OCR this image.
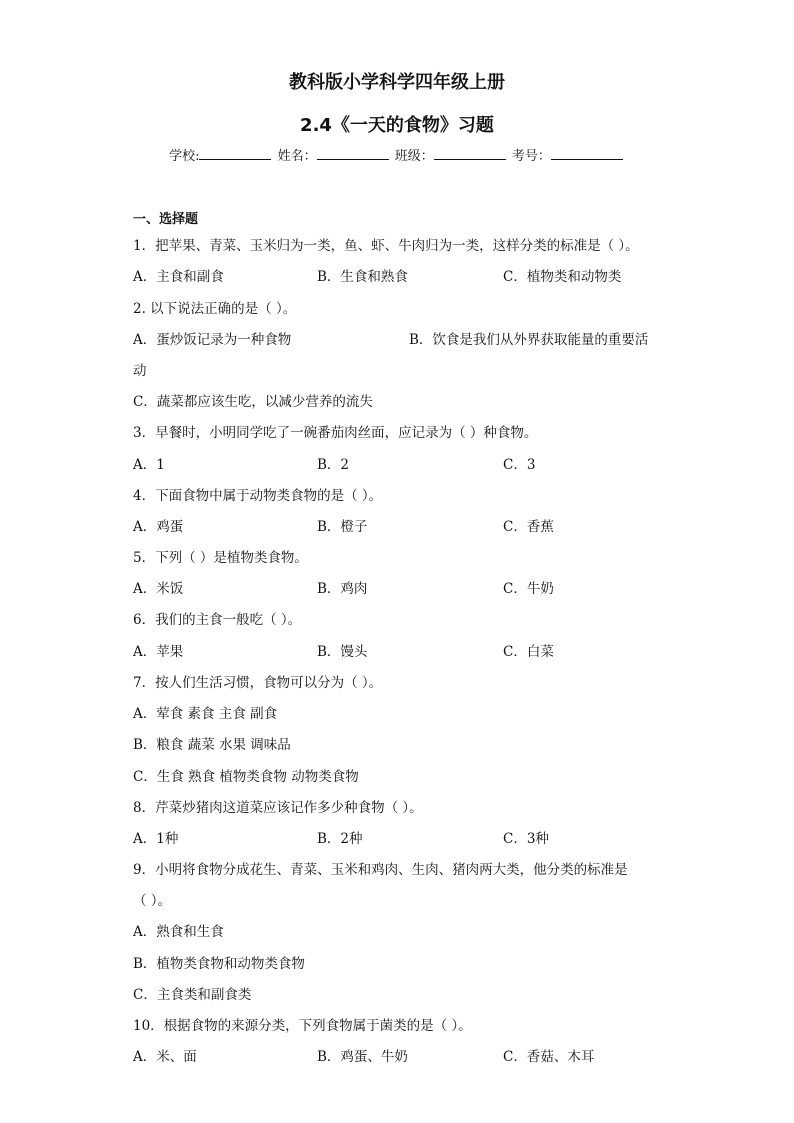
教科版小学科学四年级上册
2.4《一天的食物》习题
学校:	姓名：	班级：	考号：
一、选择题
1．把苹果、青菜、玉米归为一类，鱼、虾、牛肉归为一类，这样分类的标准是（ ）。
A．主食和副食	B．生食和熟食	C．植物类和动物类
2. 以下说法正确的是（ ）。
A．蛋炒饭记录为一种食物	B．饮食是我们从外界获取能量的重要活
动
C．蔬菜都应该生吃，以减少营养的流失
3．早餐时，小明同学吃了一碗番茄肉丝面，应记录为（ ）种食物。
A．1	B．2	C．3
4．下面食物中属于动物类食物的是（ ）。
A．鸡蛋	B．橙子	C．香蕉
5．下列（ ）是植物类食物。
A．米饭	B．鸡肉	C．牛奶
6．我们的主食一般吃（ ）。
A．苹果	B．馒头	C．白菜
7．按人们生活习惯，食物可以分为（ ）。
A．荤食 素食 主食 副食
B．粮食 蔬菜 水果 调味品
C．生食 熟食 植物类食物 动物类食物
8．芹菜炒猪肉这道菜应该记作多少种食物（ ）。
A．1种	B．2种	C．3种
9．小明将食物分成花生、青菜、玉米和鸡肉、生肉、猪肉两大类，他分类的标准是
（ ）。
A．熟食和生食
B．植物类食物和动物类食物
C．主食类和副食类
10．根据食物的来源分类，下列食物属于菌类的是（ ）。
A．米、面	B．鸡蛋、牛奶	C．香菇、木耳
